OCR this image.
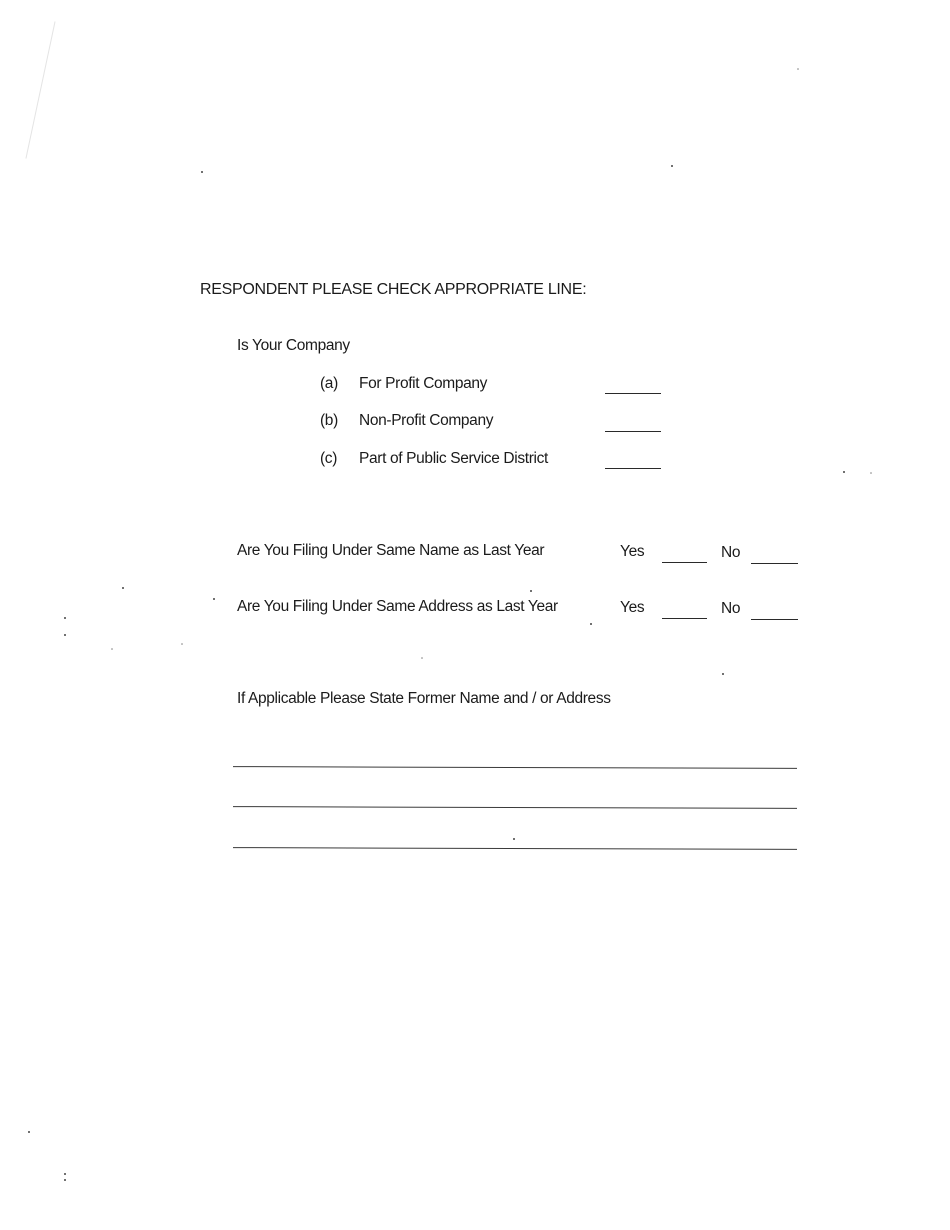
RESPONDENT PLEASE CHECK APPROPRIATE LINE:
Is Your Company
(a) For Profit Company
(b) Non-Profit Company
(c) Part of Public Service District
Are You Filing Under Same Name as Last Year	Yes	No
Are You Filing Under Same Address as Last Year	Yes	No
If Applicable Please State Former Name and / or Address
